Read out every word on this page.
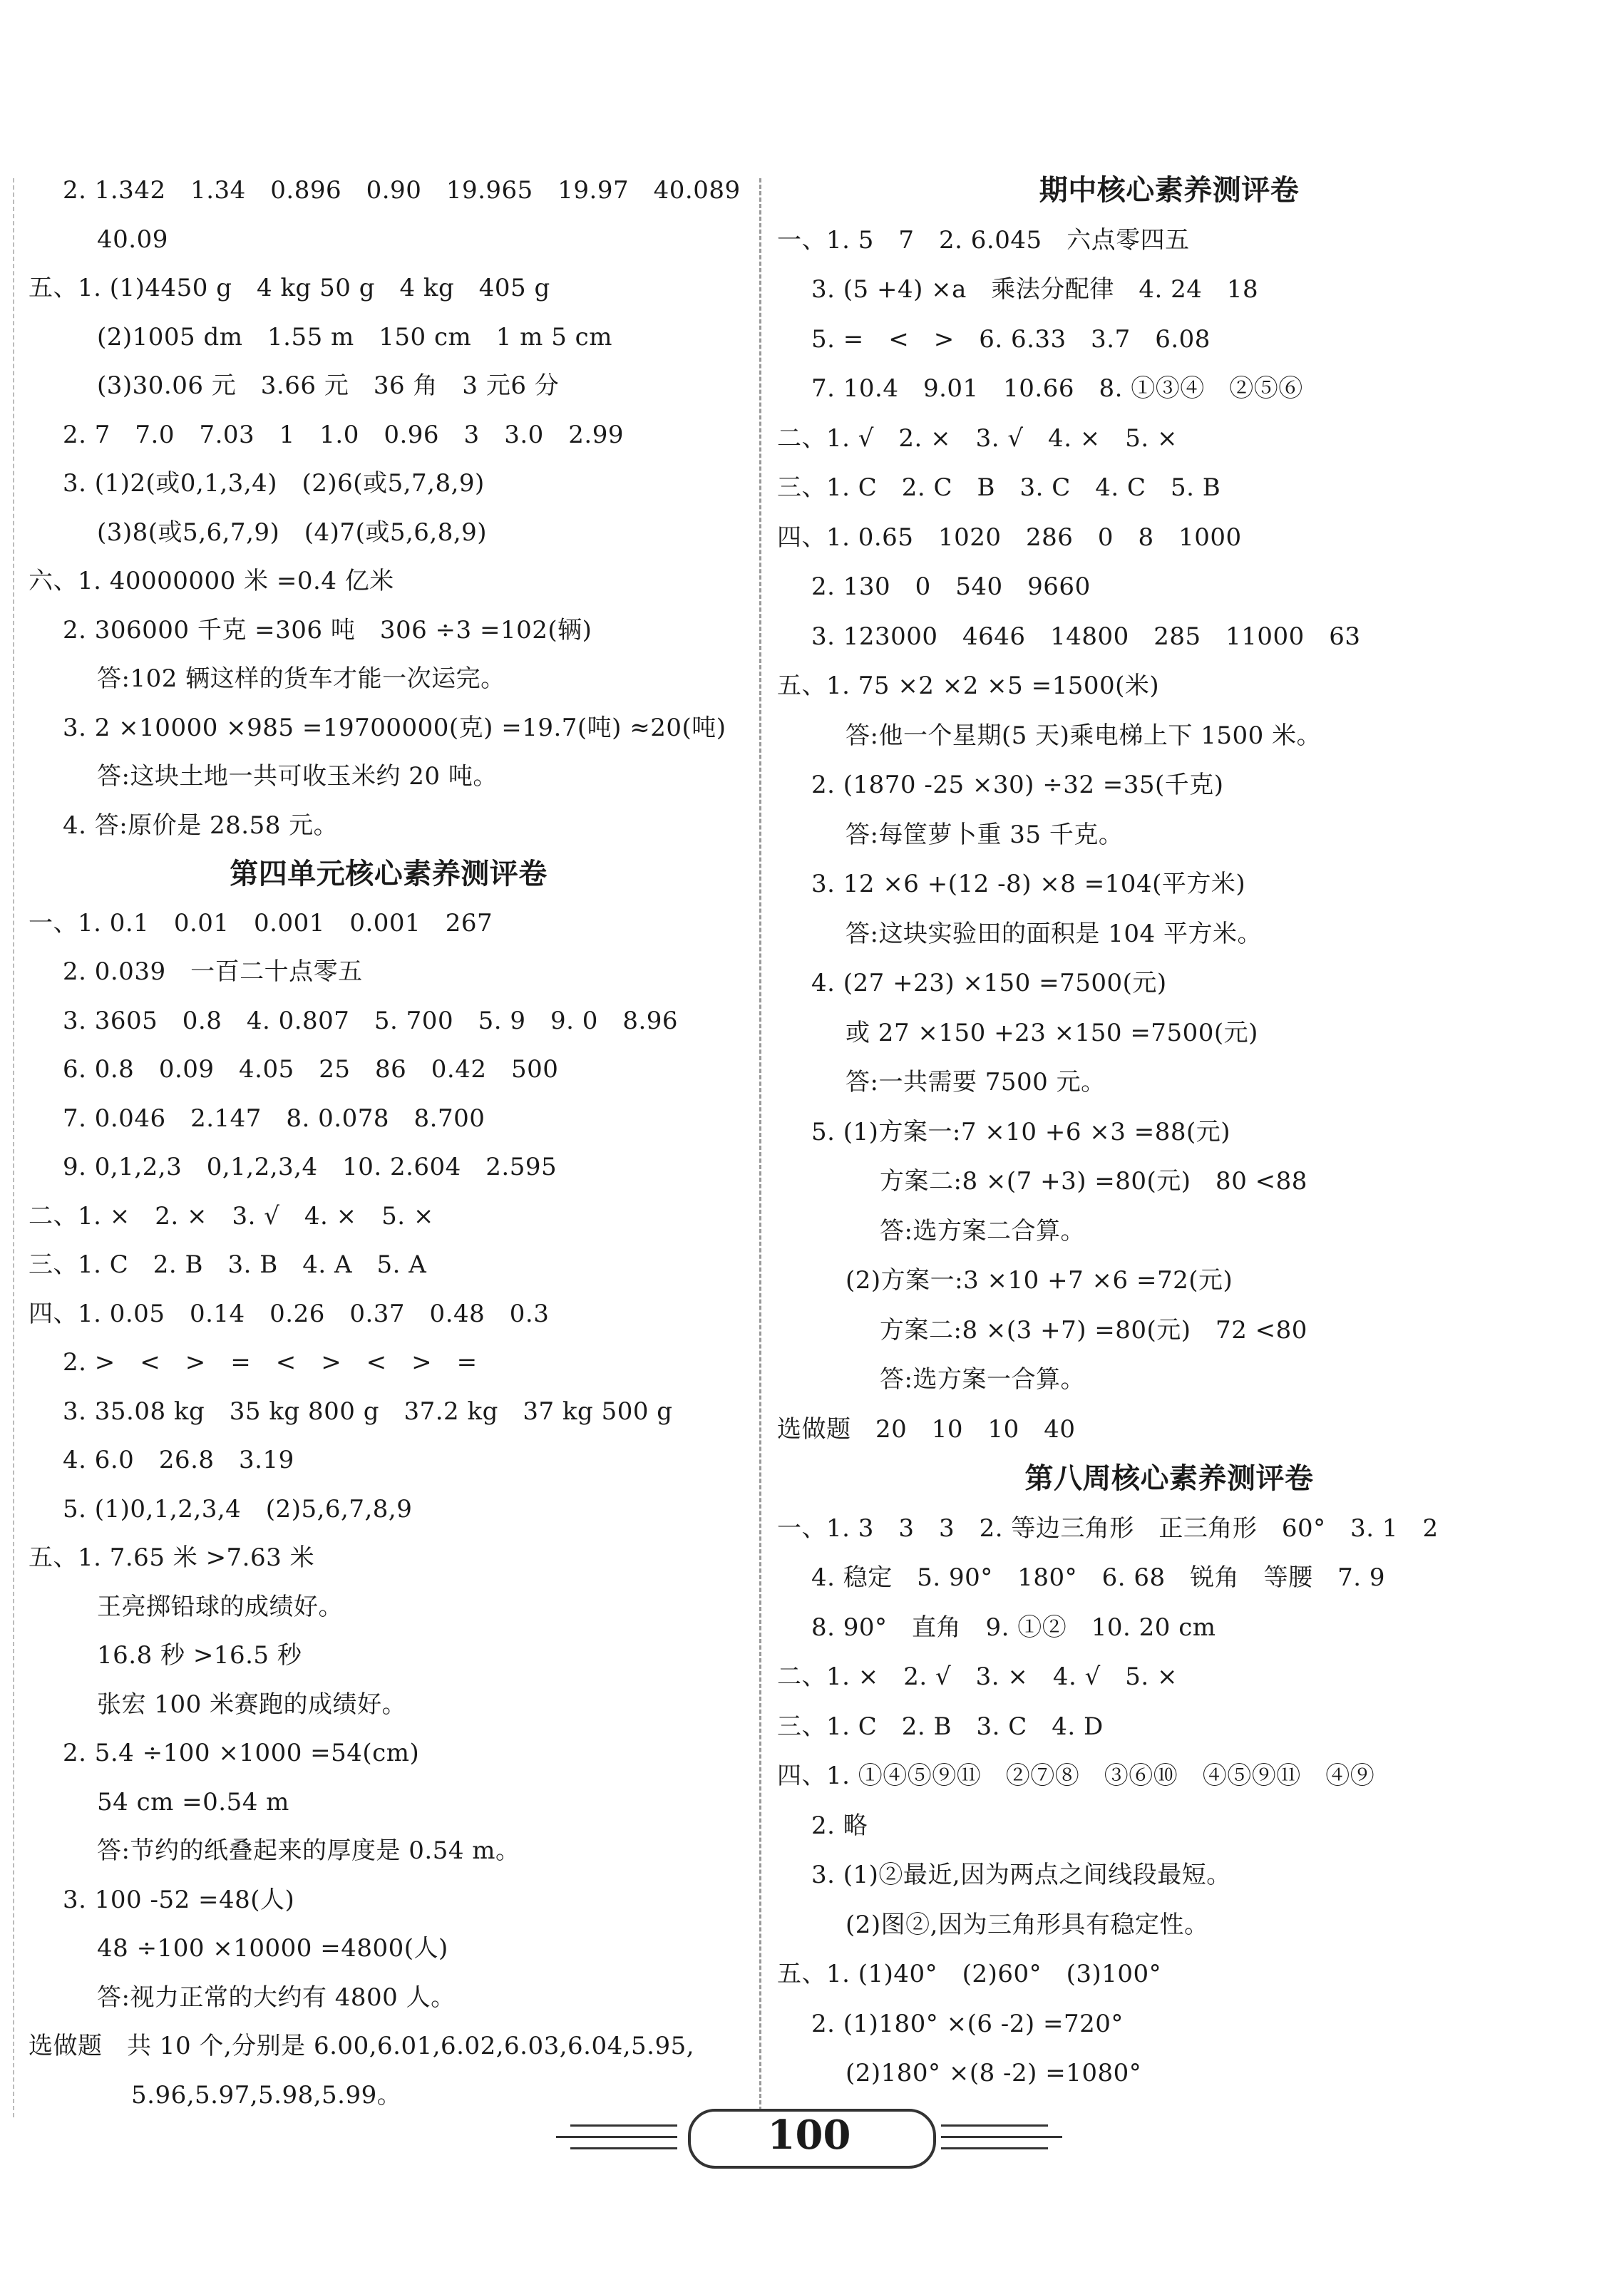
2. 1.342　1.34　0.896　0.90　19.965　19.97　40.089
40.09
五、1. (1)4450 g　4 kg 50 g　4 kg　405 g
(2)1005 dm　1.55 m　150 cm　1 m 5 cm
(3)30.06 元　3.66 元　36 角　3 元6 分
2. 7　7.0　7.03　1　1.0　0.96　3　3.0　2.99
3. (1)2(或0,1,3,4)　(2)6(或5,7,8,9)
(3)8(或5,6,7,9)　(4)7(或5,6,8,9)
六、1. 40000000 米 =0.4 亿米
2. 306000 千克 =306 吨　306 ÷3 =102(辆)
答:102 辆这样的货车才能一次运完。
3. 2 ×10000 ×985 =19700000(克) =19.7(吨) ≈20(吨)
答:这块土地一共可收玉米约 20 吨。
4. 答:原价是 28.58 元。
第四单元核心素养测评卷
一、1. 0.1　0.01　0.001　0.001　267
2. 0.039　一百二十点零五
3. 3605　0.8　4. 0.807　5. 700　5. 9　9. 0　8.96
6. 0.8　0.09　4.05　25　86　0.42　500
7. 0.046　2.147　8. 0.078　8.700
9. 0,1,2,3　0,1,2,3,4　10. 2.604　2.595
二、1. ×　2. ×　3. √　4. ×　5. ×
三、1. C　2. B　3. B　4. A　5. A
四、1. 0.05　0.14　0.26　0.37　0.48　0.3
2. >　<　>　=　<　>　<　>　=
3. 35.08 kg　35 kg 800 g　37.2 kg　37 kg 500 g
4. 6.0　26.8　3.19
5. (1)0,1,2,3,4　(2)5,6,7,8,9
五、1. 7.65 米 >7.63 米
王亮掷铅球的成绩好。
16.8 秒 >16.5 秒
张宏 100 米赛跑的成绩好。
2. 5.4 ÷100 ×1000 =54(cm)
54 cm =0.54 m
答:节约的纸叠起来的厚度是 0.54 m。
3. 100 -52 =48(人)
48 ÷100 ×10000 =4800(人)
答:视力正常的大约有 4800 人。
选做题　共 10 个,分别是 6.00,6.01,6.02,6.03,6.04,5.95,
5.96,5.97,5.98,5.99。
期中核心素养测评卷
一、1. 5　7　2. 6.045　六点零四五
3. (5 +4) ×a　乘法分配律　4. 24　18
5. =　<　>　6. 6.33　3.7　6.08
7. 10.4　9.01　10.66　8. ①③④　②⑤⑥
二、1. √　2. ×　3. √　4. ×　5. ×
三、1. C　2. C　B　3. C　4. C　5. B
四、1. 0.65　1020　286　0　8　1000
2. 130　0　540　9660
3. 123000　4646　14800　285　11000　63
五、1. 75 ×2 ×2 ×5 =1500(米)
答:他一个星期(5 天)乘电梯上下 1500 米。
2. (1870 -25 ×30) ÷32 =35(千克)
答:每筐萝卜重 35 千克。
3. 12 ×6 +(12 -8) ×8 =104(平方米)
答:这块实验田的面积是 104 平方米。
4. (27 +23) ×150 =7500(元)
或 27 ×150 +23 ×150 =7500(元)
答:一共需要 7500 元。
5. (1)方案一:7 ×10 +6 ×3 =88(元)
方案二:8 ×(7 +3) =80(元)　80 <88
答:选方案二合算。
(2)方案一:3 ×10 +7 ×6 =72(元)
方案二:8 ×(3 +7) =80(元)　72 <80
答:选方案一合算。
选做题　20　10　10　40
第八周核心素养测评卷
一、1. 3　3　3　2. 等边三角形　正三角形　60°　3. 1　2
4. 稳定　5. 90°　180°　6. 68　锐角　等腰　7. 9
8. 90°　直角　9. ①②　10. 20 cm
二、1. ×　2. √　3. ×　4. √　5. ×
三、1. C　2. B　3. C　4. D
四、1. ①④⑤⑨⑪　②⑦⑧　③⑥⑩　④⑤⑨⑪　④⑨
2. 略
3. (1)②最近,因为两点之间线段最短。
(2)图②,因为三角形具有稳定性。
五、1. (1)40°　(2)60°　(3)100°
2. (1)180° ×(6 -2) =720°
(2)180° ×(8 -2) =1080°
100
